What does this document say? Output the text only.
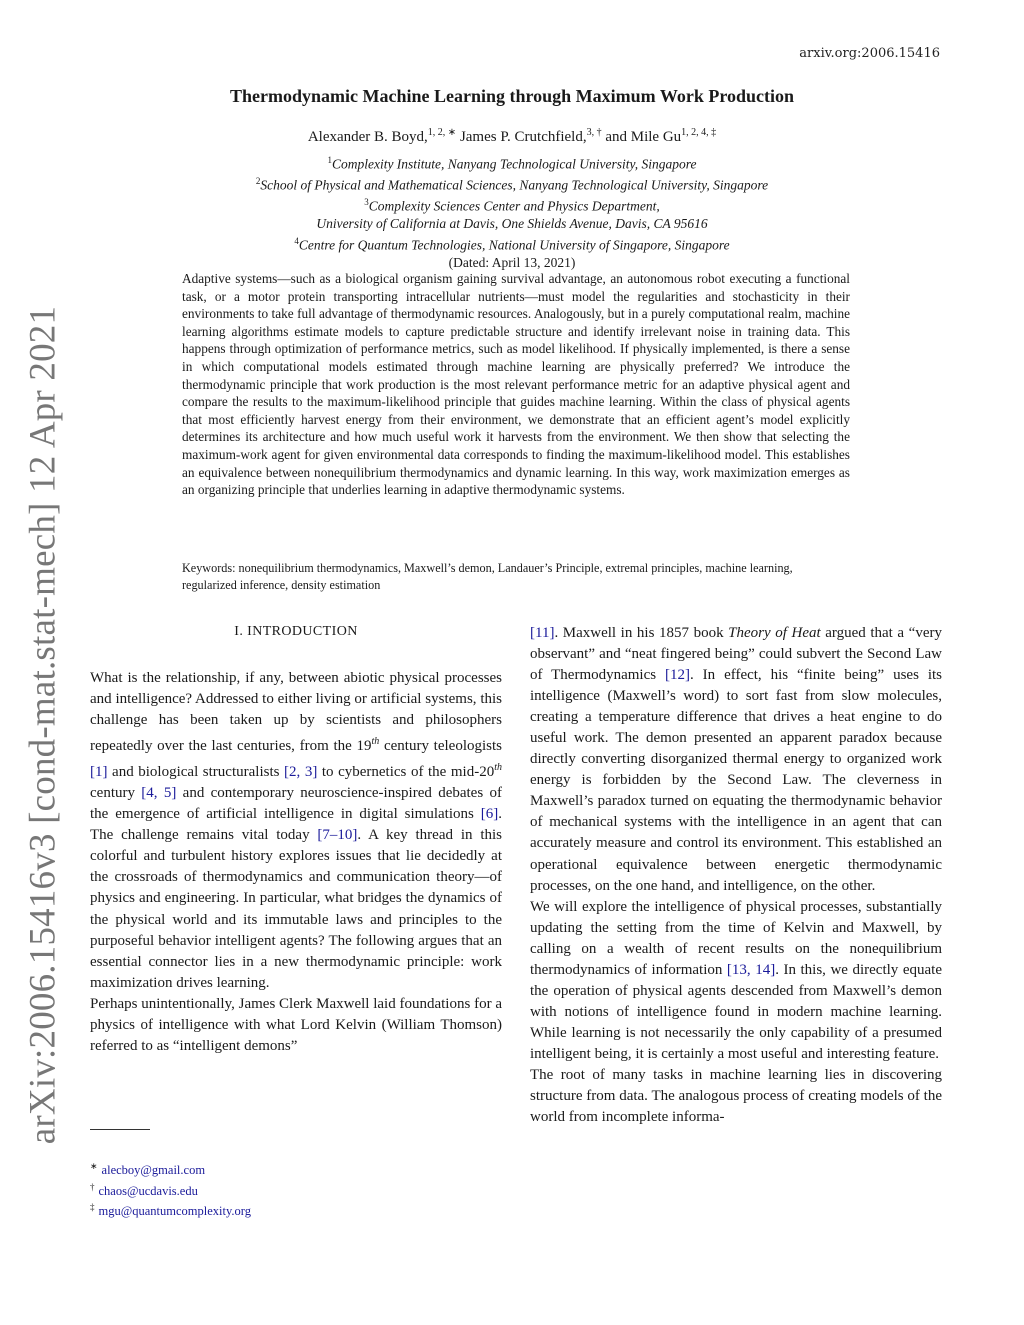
arxiv.org:2006.15416
arXiv:2006.15416v3 [cond-mat.stat-mech] 12 Apr 2021
Thermodynamic Machine Learning through Maximum Work Production
Alexander B. Boyd,$^{1, 2, ∗}$ James P. Crutchfield,$^{3, \dagger}$ and Mile $Gu^{1, 2, 4, \ddagger}$
$^1$Complexity Institute, Nanyang Technological University, Singapore
$^2$School of Physical and Mathematical Sciences, Nanyang Technological University, Singapore
$^3$Complexity Sciences Center and Physics Department,
University of California at Davis, One Shields Avenue, Davis, CA 95616
$^4$Centre for Quantum Technologies, National University of Singapore, Singapore
(Dated: April 13, 2021)
Adaptive systems—such as a biological organism gaining survival advantage, an autonomous robot executing a functional task, or a motor protein transporting intracellular nutrients—must model the regularities and stochasticity in their environments to take full advantage of thermodynamic resources. Analogously, but in a purely computational realm, machine learning algorithms estimate models to capture predictable structure and identify irrelevant noise in training data. This happens through optimization of performance metrics, such as model likelihood. If physically implemented, is there a sense in which computational models estimated through machine learning are physically preferred? We introduce the thermodynamic principle that work production is the most relevant performance metric for an adaptive physical agent and compare the results to the maximum-likelihood principle that guides machine learning. Within the class of physical agents that most efficiently harvest energy from their environment, we demonstrate that an efficient agent’s model explicitly determines its architecture and how much useful work it harvests from the environment. We then show that selecting the maximum-work agent for given environmental data corresponds to finding the maximum-likelihood model. This establishes an equivalence between nonequilibrium thermodynamics and dynamic learning. In this way, work maximization emerges as an organizing principle that underlies learning in adaptive thermodynamic systems.
Keywords: nonequilibrium thermodynamics, Maxwell’s demon, Landauer’s Principle, extremal principles, machine learning, regularized inference, density estimation
I. INTRODUCTION

What is the relationship, if any, between abiotic physical processes and intelligence? Addressed to either living or artificial systems, this challenge has been taken up by scientists and philosophers repeatedly over the last centuries, from the 19th century teleologists [1] and biological structuralists [2, 3] to cybernetics of the mid-20th century [4, 5] and contemporary neuroscience-inspired debates of the emergence of artificial intelligence in digital simulations [6]. The challenge remains vital today [7–10]. A key thread in this colorful and turbulent history explores issues that lie decidedly at the crossroads of thermodynamics and communication theory—of physics and engineering. In particular, what bridges the dynamics of the physical world and its immutable laws and principles to the purposeful behavior intelligent agents? The following argues that an essential connector lies in a new thermodynamic principle: work maximization drives learning.

Perhaps unintentionally, James Clerk Maxwell laid foundations for a physics of intelligence with what Lord Kelvin (William Thomson) referred to as “intelligent demons”

[11]. Maxwell in his 1857 book Theory of Heat argued that a “very observant” and “neat fingered being” could subvert the Second Law of Thermodynamics [12]. In effect, his “finite being” uses its intelligence (Maxwell’s word) to sort fast from slow molecules, creating a temperature difference that drives a heat engine to do useful work. The demon presented an apparent paradox because directly converting disorganized thermal energy to organized work energy is forbidden by the Second Law. The cleverness in Maxwell’s paradox turned on equating the thermodynamic behavior of mechanical systems with the intelligence in an agent that can accurately measure and control its environment. This established an operational equivalence between energetic thermodynamic processes, on the one hand, and intelligence, on the other.

We will explore the intelligence of physical processes, substantially updating the setting from the time of Kelvin and Maxwell, by calling on a wealth of recent results on the nonequilibrium thermodynamics of information [13, 14]. In this, we directly equate the operation of physical agents descended from Maxwell’s demon with notions of intelligence found in modern machine learning. While learning is not necessarily the only capability of a presumed intelligent being, it is certainly a most useful and interesting feature.

The root of many tasks in machine learning lies in discovering structure from data. The analogous process of creating models of the world from incomplete informa-

∗ alecboy@gmail.com
† chaos@ucdavis.edu
‡ mgu@quantumcomplexity.org
